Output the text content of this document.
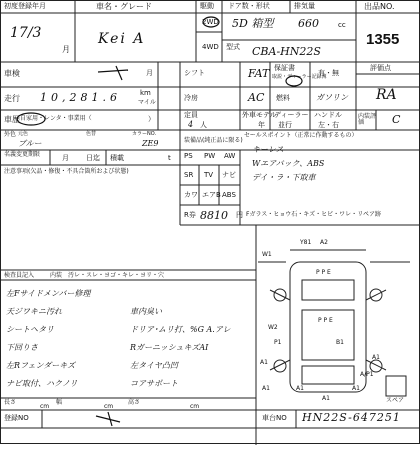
初度登録年月	車名・グレード	駆動 ドア数・形状	排気量	出品NO.
17/3
月
Kei A
2WD
4WD
5D 箱型 660	cc
型式 CBA-HN22S
1355
車検	月	シフト	FAT 保証書
取説・ディーラー記録簿
有・無
評価点
RA
走行 10,281.6	km
マイル
冷房	AC 燃料	ガソリン
車歴 自家用・レンタ・事業用（	）	定員
4 人
外車モデル
年
ディーラー
並行
ハンドル
左・右
内装評価	C
外色 元色
ブルー
色替	カラーNO.
ZE9	装備品(純正品に限る)
セールスポイント（正常に作動するもの）
キーレス
Wエアバック、ABS
デイ・ラ・下取車
PS PW AW
SR TV ナビ
カワ エアB ABS
R券 8810 円 Fガラス・ヒョウ石・キズ・ヒビ・ワレ・リペア跡
名義変更期限	月 日迄 積載	t
注意事項(欠品・修復・不具合箇所および状態)
検査員記入	内装 汚レ・スレ・ヨゴ・キレ・ヨリ・穴
左Fサイドメンバー修理
天ジワキニ汚れ
シートヘタリ
下回りさ
左Rフェンダーキズ
ナビ取付、ハクノリ
車内臭い
ドリア･ムリ打、%G A.アレ
RガーニッシュキズAI
左タイヤ凸凹
コアサポート
長さ
cm
幅
cm
高さ
cm
登録NO	車台NO HN22S-647251
Y81 A2
W1
P P E
W2
P P E
P1	B1
A1
A1
A1
A1
A1	A1
A/P1
スペア
